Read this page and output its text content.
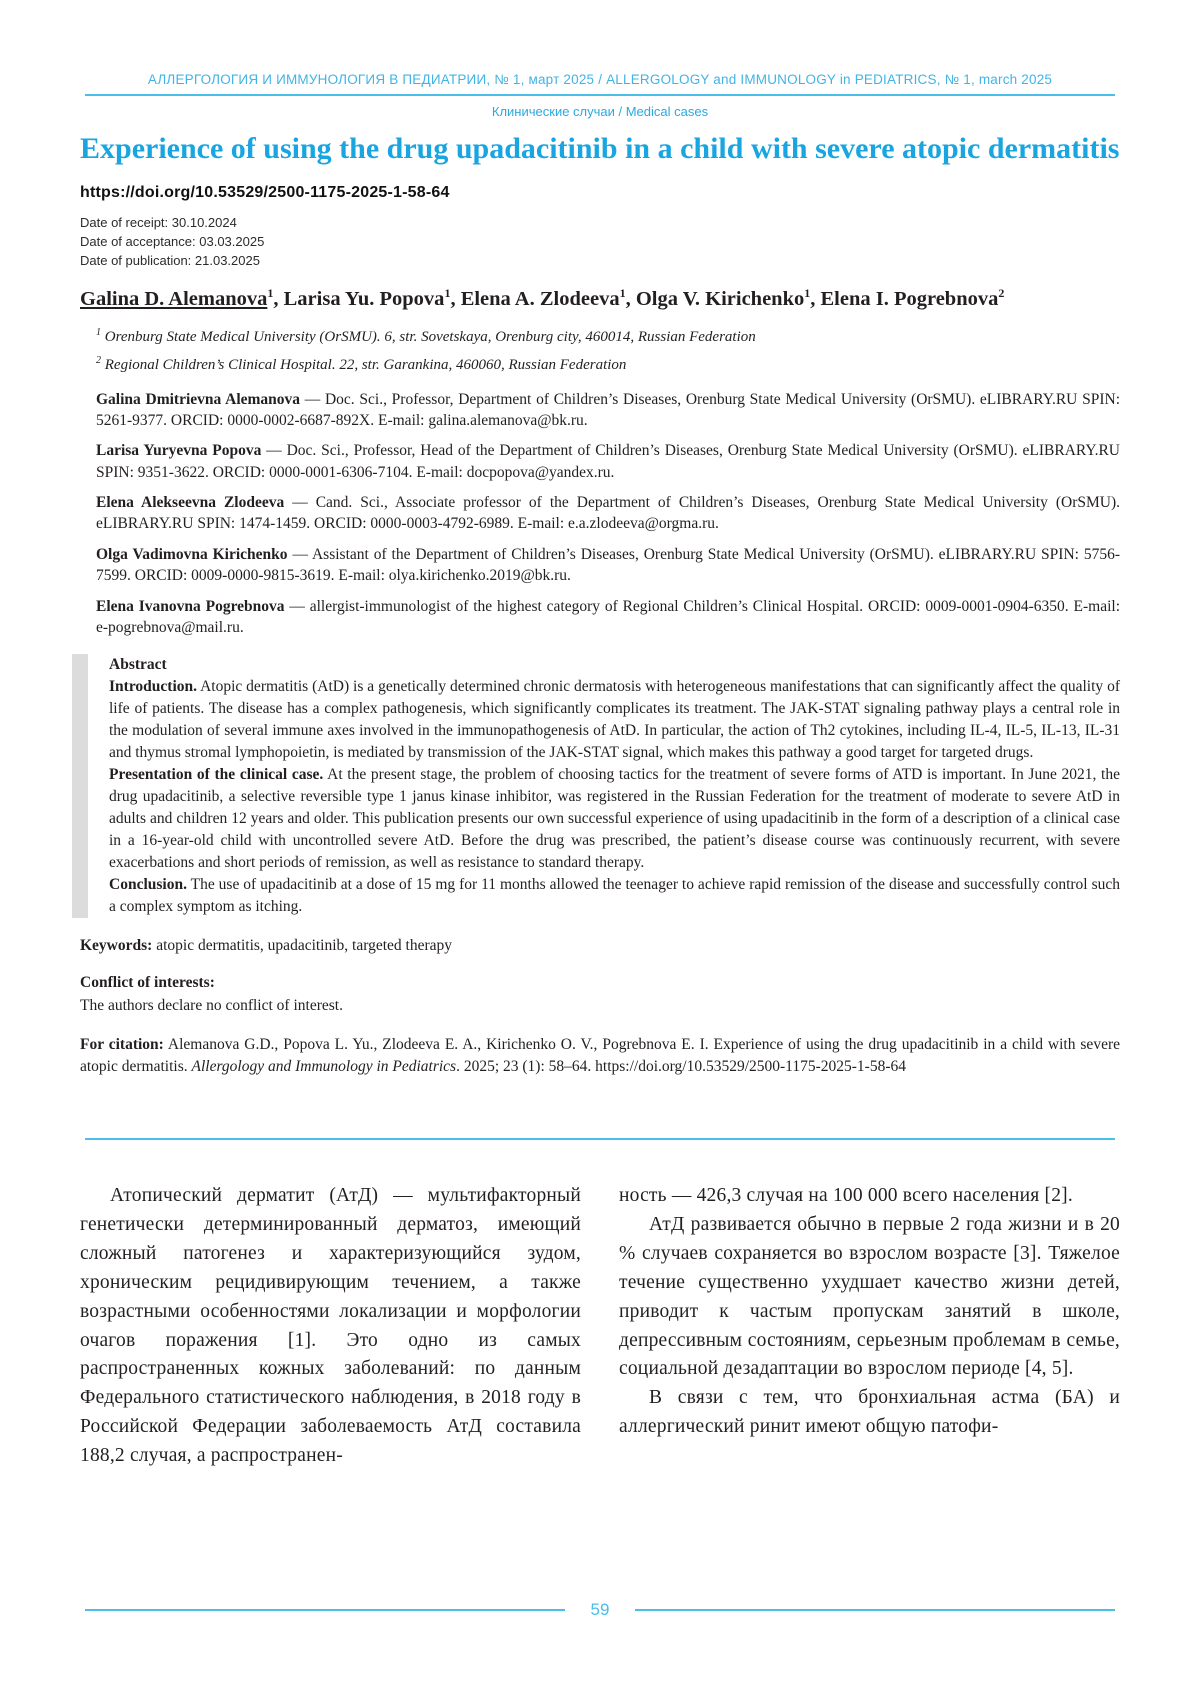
АЛЛЕРГОЛОГИЯ И ИММУНОЛОГИЯ В ПЕДИАТРИИ, № 1, март 2025 / ALLERGOLOGY and IMMUNOLOGY in PEDIATRICS, № 1, march 2025
Клинические случаи / Medical cases
Experience of using the drug upadacitinib in a child with severe atopic dermatitis
https://doi.org/10.53529/2500-1175-2025-1-58-64
Date of receipt: 30.10.2024
Date of acceptance: 03.03.2025
Date of publication: 21.03.2025
Galina D. Alemanova$^1$, Larisa Yu. Popova$^1$, Elena A. Zlodeeva$^1$, Olga V. Kirichenko$^1$, Elena I. Pogrebnova$^2$
$^1$ Orenburg State Medical University (OrSMU). 6, str. Sovetskaya, Orenburg city, 460014, Russian Federation
$^2$ Regional Children’s Clinical Hospital. 22, str. Garankina, 460060, Russian Federation
Galina Dmitrievna Alemanova — Doc. Sci., Professor, Department of Children’s Diseases, Orenburg State Medical University (OrSMU). eLIBRARY.RU SPIN: 5261-9377. ORCID: 0000-0002-6687-892X. E-mail: galina.alemanova@bk.ru.
Larisa Yuryevna Popova — Doc. Sci., Professor, Head of the Department of Children’s Diseases, Orenburg State Medical University (OrSMU). eLIBRARY.RU SPIN: 9351-3622. ORCID: 0000-0001-6306-7104. E-mail: docpopova@yandex.ru.
Elena Alekseevna Zlodeeva — Cand. Sci., Associate professor of the Department of Children’s Diseases, Orenburg State Medical University (OrSMU). eLIBRARY.RU SPIN: 1474-1459. ORCID: 0000-0003-4792-6989. E-mail: e.a.zlodeeva@orgma.ru.
Olga Vadimovna Kirichenko — Assistant of the Department of Children’s Diseases, Orenburg State Medical University (OrSMU). eLIBRARY.RU SPIN: 5756-7599. ORCID: 0009-0000-9815-3619. E-mail: olya.kirichenko.2019@bk.ru.
Elena Ivanovna Pogrebnova — allergist-immunologist of the highest category of Regional Children’s Clinical Hospital. ORCID: 0009-0001-0904-6350. E-mail: e-pogrebnova@mail.ru.

Abstract

Introduction. Atopic dermatitis (AtD) is a genetically determined chronic dermatosis with heterogeneous manifestations that can significantly affect the quality of life of patients. The disease has a complex pathogenesis, which significantly complicates its treatment. The JAK-STAT signaling pathway plays a central role in the modulation of several immune axes involved in the immunopathogenesis of AtD. In particular, the action of Th2 cytokines, including IL-4, IL-5, IL-13, IL-31 and thymus stromal lymphopoietin, is mediated by transmission of the JAK-STAT signal, which makes this pathway a good target for targeted drugs.

Presentation of the clinical case. At the present stage, the problem of choosing tactics for the treatment of severe forms of ATD is important. In June 2021, the drug upadacitinib, a selective reversible type 1 janus kinase inhibitor, was registered in the Russian Federation for the treatment of moderate to severe AtD in adults and children 12 years and older. This publication presents our own successful experience of using upadacitinib in the form of a description of a clinical case in a 16-year-old child with uncontrolled severe AtD. Before the drug was prescribed, the patient’s disease course was continuously recurrent, with severe exacerbations and short periods of remission, as well as resistance to standard therapy.

Conclusion. The use of upadacitinib at a dose of 15 mg for 11 months allowed the teenager to achieve rapid remission of the disease and successfully control such a complex symptom as itching.

Keywords: atopic dermatitis, upadacitinib, targeted therapy
Conflict of interests:
The authors declare no conflict of interest.
For citation: Alemanova G.D., Popova L. Yu., Zlodeeva E. A., Kirichenko O. V., Pogrebnova E. I. Experience of using the drug upadacitinib in a child with severe atopic dermatitis. Allergology and Immunology in Pediatrics. 2025; 23 (1): 58–64. https://doi.org/10.53529/2500-1175-2025-1-58-64

Атопический дерматит (АтД) — мультифакторный генетически детерминированный дерматоз, имеющий сложный патогенез и характеризующийся зудом, хроническим рецидивирующим течением, а также возрастными особенностями локализации и морфологии очагов поражения [1]. Это одно из самых распространенных кожных заболеваний: по данным Федерального статистического наблюдения, в 2018 году в Российской Федерации заболеваемость АтД составила 188,2 случая, а распространен-

ность — 426,3 случая на 100 000 всего населения [2].

АтД развивается обычно в первые 2 года жизни и в 20 % случаев сохраняется во взрослом возрасте [3]. Тяжелое течение существенно ухудшает качество жизни детей, приводит к частым пропускам занятий в школе, депрессивным состояниям, серьезным проблемам в семье, социальной дезадаптации во взрослом периоде [4, 5].

В связи с тем, что бронхиальная астма (БА) и аллергический ринит имеют общую патофи-

59
